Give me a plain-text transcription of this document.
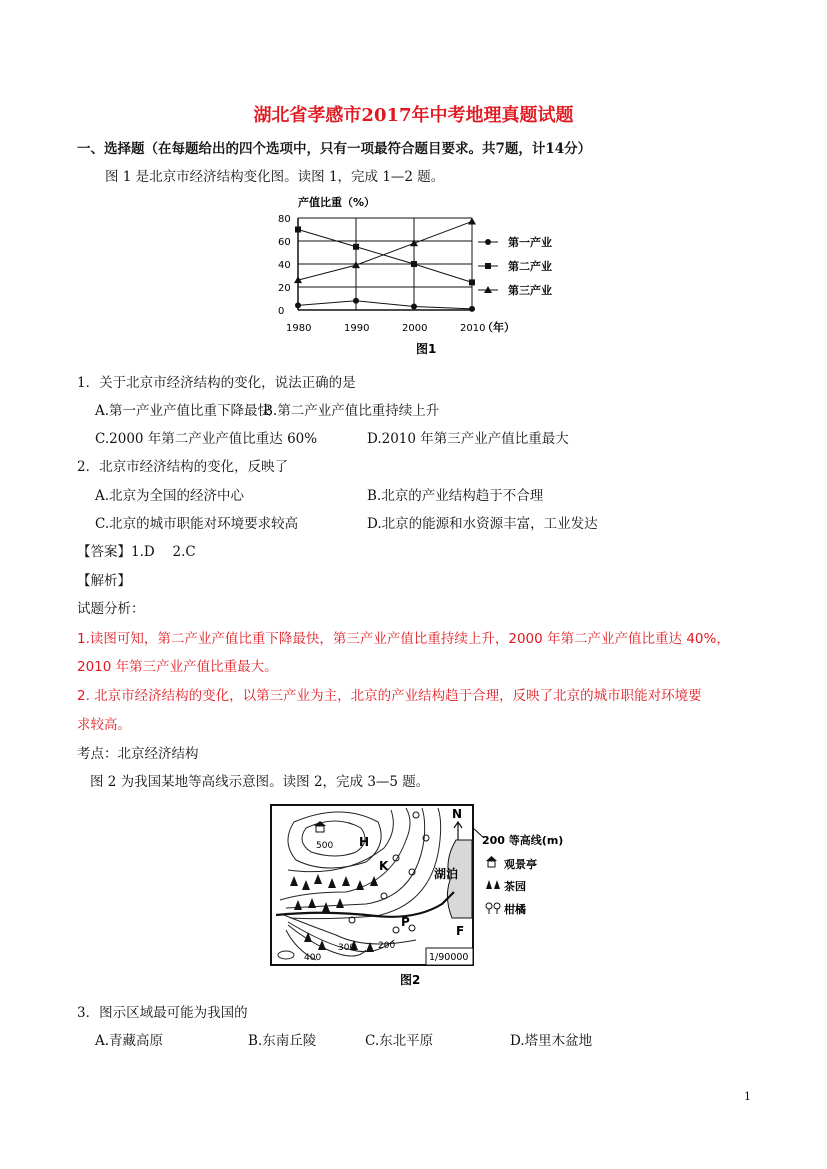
湖北省孝感市2017年中考地理真题试题
一、选择题（在每题给出的四个选项中，只有一项最符合题目要求。共7题，计14分）
图 1 是北京市经济结构变化图。读图 1，完成 1—2 题。
产值比重（%）
0
20
40
60
80
1980	1990	2000	2010
（年）
第一产业
第二产业
第三产业
图1
1．关于北京市经济结构的变化，说法正确的是
A.第一产业产值比重下降最快
B.第二产业产值比重持续上升
C.2000 年第二产业产值比重达 60%	D.2010 年第三产业产值比重最大
2．北京市经济结构的变化，反映了
A.北京为全国的经济中心	B.北京的产业结构趋于不合理
C.北京的城市职能对环境要求较高	D.北京的能源和水资源丰富，工业发达
【答案】1.D　 2.C
【解析】
试题分析：
1.读图可知，第二产业产值比重下降最快，第三产业产值比重持续上升，2000 年第二产业产值比重达 40%，
2010 年第三产业产值比重最大。
2. 北京市经济结构的变化，以第三产业为主，北京的产业结构趋于合理，反映了北京的城市职能对环境要
求较高。
考点：北京经济结构
图 2 为我国某地等高线示意图。读图 2，完成 3—5 题。
H
K
P
F
湖泊
500
400
300	200
N
1/90000
200 等高线(m)
观景亭
茶园
柑橘
图2
3．图示区域最可能为我国的
A.青藏高原	B.东南丘陵	C.东北平原	D.塔里木盆地
1
